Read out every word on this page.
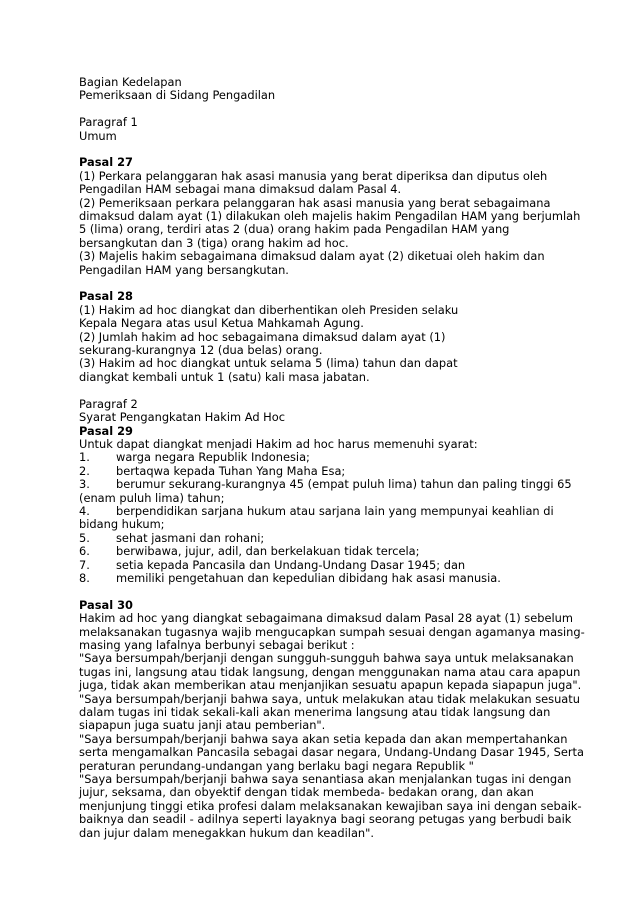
Bagian Kedelapan
Pemeriksaan di Sidang Pengadilan
Paragraf 1
Umum
Pasal 27
(1) Perkara pelanggaran hak asasi manusia yang berat diperiksa dan diputus oleh
Pengadilan HAM sebagai mana dimaksud dalam Pasal 4.
(2) Pemeriksaan perkara pelanggaran hak asasi manusia yang berat sebagaimana
dimaksud dalam ayat (1) dilakukan oleh majelis hakim Pengadilan HAM yang berjumlah
5 (lima) orang, terdiri atas 2 (dua) orang hakim pada Pengadilan HAM yang
bersangkutan dan 3 (tiga) orang hakim ad hoc.
(3) Majelis hakim sebagaimana dimaksud dalam ayat (2) diketuai oleh hakim dan
Pengadilan HAM yang bersangkutan.
Pasal 28
(1) Hakim ad hoc diangkat dan diberhentikan oleh Presiden selaku
Kepala Negara atas usul Ketua Mahkamah Agung.
(2) Jumlah hakim ad hoc sebagaimana dimaksud dalam ayat (1)
sekurang-kurangnya 12 (dua belas) orang.
(3) Hakim ad hoc diangkat untuk selama 5 (lima) tahun dan dapat
diangkat kembali untuk 1 (satu) kali masa jabatan.
Paragraf 2
Syarat Pengangkatan Hakim Ad Hoc
Pasal 29
Untuk dapat diangkat menjadi Hakim ad hoc harus memenuhi syarat:
1. warga negara Republik Indonesia;
2. bertaqwa kepada Tuhan Yang Maha Esa;
3. berumur sekurang-kurangnya 45 (empat puluh lima) tahun dan paling tinggi 65
(enam puluh lima) tahun;
4. berpendidikan sarjana hukum atau sarjana lain yang mempunyai keahlian di
bidang hukum;
5. sehat jasmani dan rohani;
6. berwibawa, jujur, adil, dan berkelakuan tidak tercela;
7. setia kepada Pancasila dan Undang-Undang Dasar 1945; dan
8. memiliki pengetahuan dan kepedulian dibidang hak asasi manusia.
Pasal 30
Hakim ad hoc yang diangkat sebagaimana dimaksud dalam Pasal 28 ayat (1) sebelum
melaksanakan tugasnya wajib mengucapkan sumpah sesuai dengan agamanya masing-
masing yang lafalnya berbunyi sebagai berikut :
"Saya bersumpah/berjanji dengan sungguh-sungguh bahwa saya untuk melaksanakan
tugas ini, langsung atau tidak langsung, dengan menggunakan nama atau cara apapun
juga, tidak akan memberikan atau menjanjikan sesuatu apapun kepada siapapun juga".
"Saya bersumpah/berjanji bahwa saya, untuk melakukan atau tidak melakukan sesuatu
dalam tugas ini tidak sekali-kali akan menerima langsung atau tidak langsung dan
siapapun juga suatu janji atau pemberian".
"Saya bersumpah/berjanji bahwa saya akan setia kepada dan akan mempertahankan
serta mengamalkan Pancasila sebagai dasar negara, Undang-Undang Dasar 1945, Serta
peraturan perundang-undangan yang berlaku bagi negara Republik "
"Saya bersumpah/berjanji bahwa saya senantiasa akan menjalankan tugas ini dengan
jujur, seksama, dan obyektif dengan tidak membeda- bedakan orang, dan akan
menjunjung tinggi etika profesi dalam melaksanakan kewajiban saya ini dengan sebaik-
baiknya dan seadil - adilnya seperti layaknya bagi seorang petugas yang berbudi baik
dan jujur dalam menegakkan hukum dan keadilan".
